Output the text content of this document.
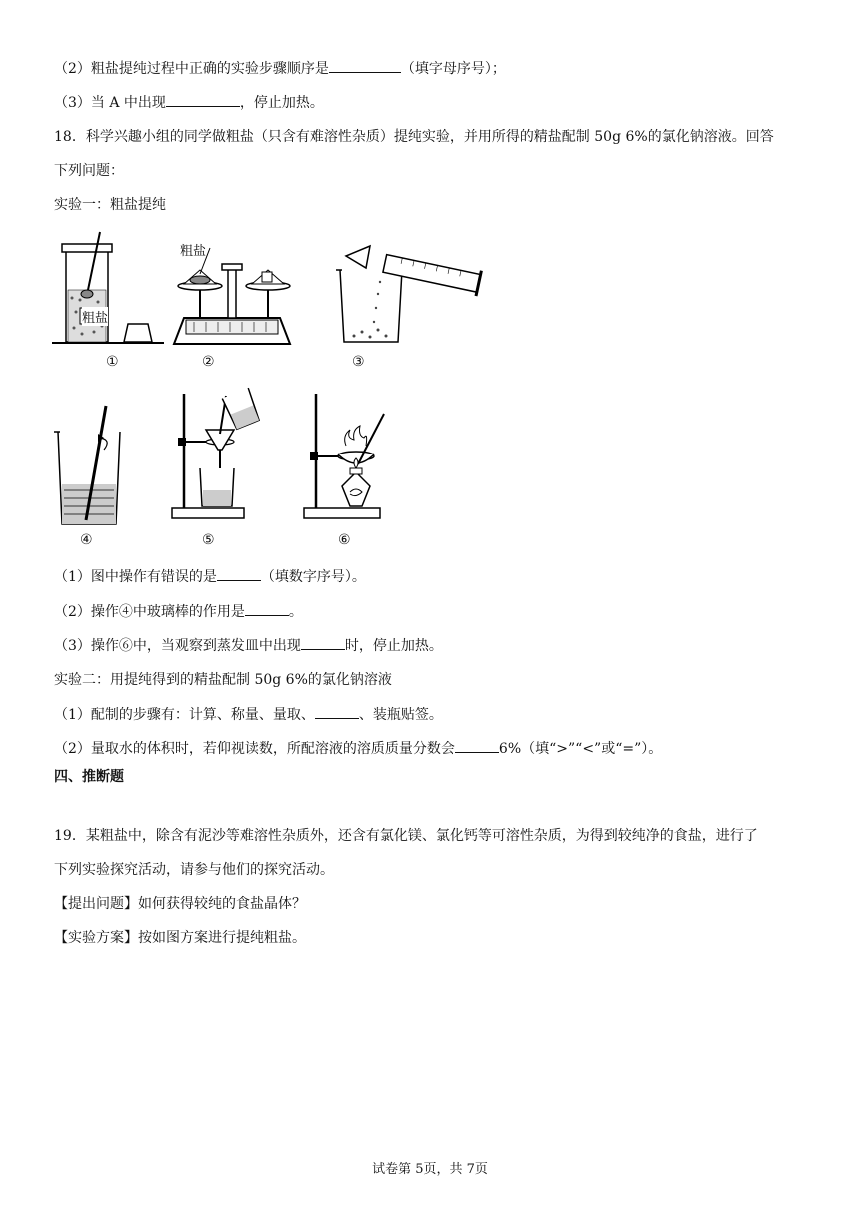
（2）粗盐提纯过程中正确的实验步骤顺序是	（填字母序号）；
（3）当 A 中出现	，停止加热。
18．科学兴趣小组的同学做粗盐（只含有难溶性杂质）提纯实验，并用所得的精盐配制 50g 6%的氯化钠溶液。回答
下列问题：
实验一：粗盐提纯
粗盐
①
粗盐
②	③
④	⑤	⑥
（1）图中操作有错误的是	（填数字序号）。
（2）操作④中玻璃棒的作用是	。
（3）操作⑥中，当观察到蒸发皿中出现	时，停止加热。
实验二：用提纯得到的精盐配制 50g 6%的氯化钠溶液
（1）配制的步骤有：计算、称量、量取、	、装瓶贴签。
（2）量取水的体积时，若仰视读数，所配溶液的溶质质量分数会	6%（填“>”“<”或“=”）。
四、推断题
19．某粗盐中，除含有泥沙等难溶性杂质外，还含有氯化镁、氯化钙等可溶性杂质，为得到较纯净的食盐，进行了
下列实验探究活动，请参与他们的探究活动。
【提出问题】如何获得较纯的食盐晶体？
【实验方案】按如图方案进行提纯粗盐。
试卷第 5页，共 7页
